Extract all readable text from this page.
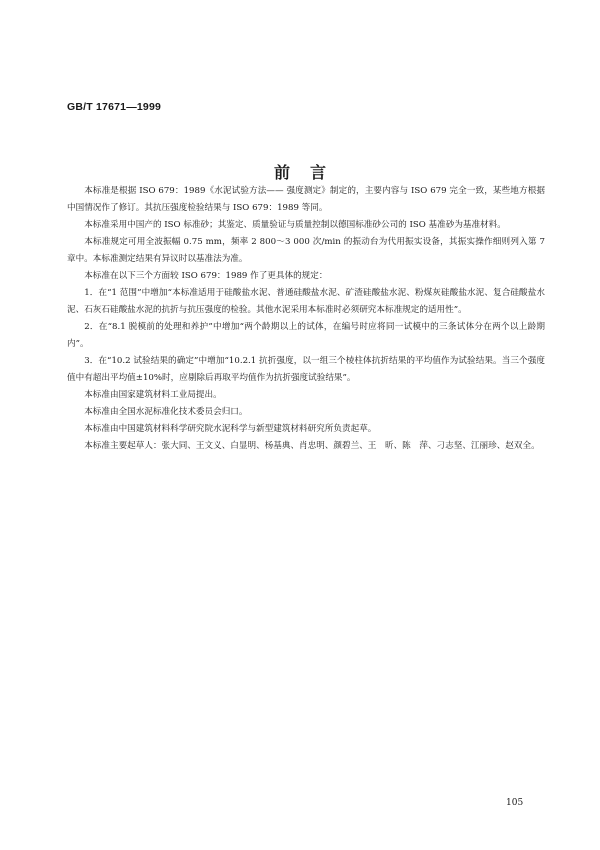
GB/T 17671—1999
前言

本标准是根据 ISO 679：1989《水泥试验方法—— 强度测定》制定的，主要内容与 ISO 679 完全一致，某些地方根据中国情况作了修订。其抗压强度检验结果与 ISO 679：1989 等同。

本标准采用中国产的 ISO 标准砂；其鉴定、质量验证与质量控制以德国标准砂公司的 ISO 基准砂为基准材料。

本标准规定可用全波振幅 0.75 mm，频率 2 800～3 000 次/min 的振动台为代用振实设备，其振实操作细则列入第 7 章中。本标准测定结果有异议时以基准法为准。

本标准在以下三个方面较 ISO 679：1989 作了更具体的规定：

1．在“1 范围”中增加“本标准适用于硅酸盐水泥、普通硅酸盐水泥、矿渣硅酸盐水泥、粉煤灰硅酸盐水泥、复合硅酸盐水泥、石灰石硅酸盐水泥的抗折与抗压强度的检验。其他水泥采用本标准时必须研究本标准规定的适用性”。

2．在“8.1 脱模前的处理和养护”中增加“两个龄期以上的试体，在编号时应将同一试模中的三条试体分在两个以上龄期内”。

3．在“10.2 试验结果的确定”中增加“10.2.1 抗折强度，以一组三个棱柱体抗折结果的平均值作为试验结果。当三个强度值中有超出平均值±10%时，应剔除后再取平均值作为抗折强度试验结果”。

本标准由国家建筑材料工业局提出。

本标准由全国水泥标准化技术委员会归口。

本标准由中国建筑材料科学研究院水泥科学与新型建筑材料研究所负责起草。

本标准主要起草人：张大同、王文义、白显明、杨基典、肖忠明、颜碧兰、王　昕、陈　萍、刁志坚、江丽珍、赵双全。

105
